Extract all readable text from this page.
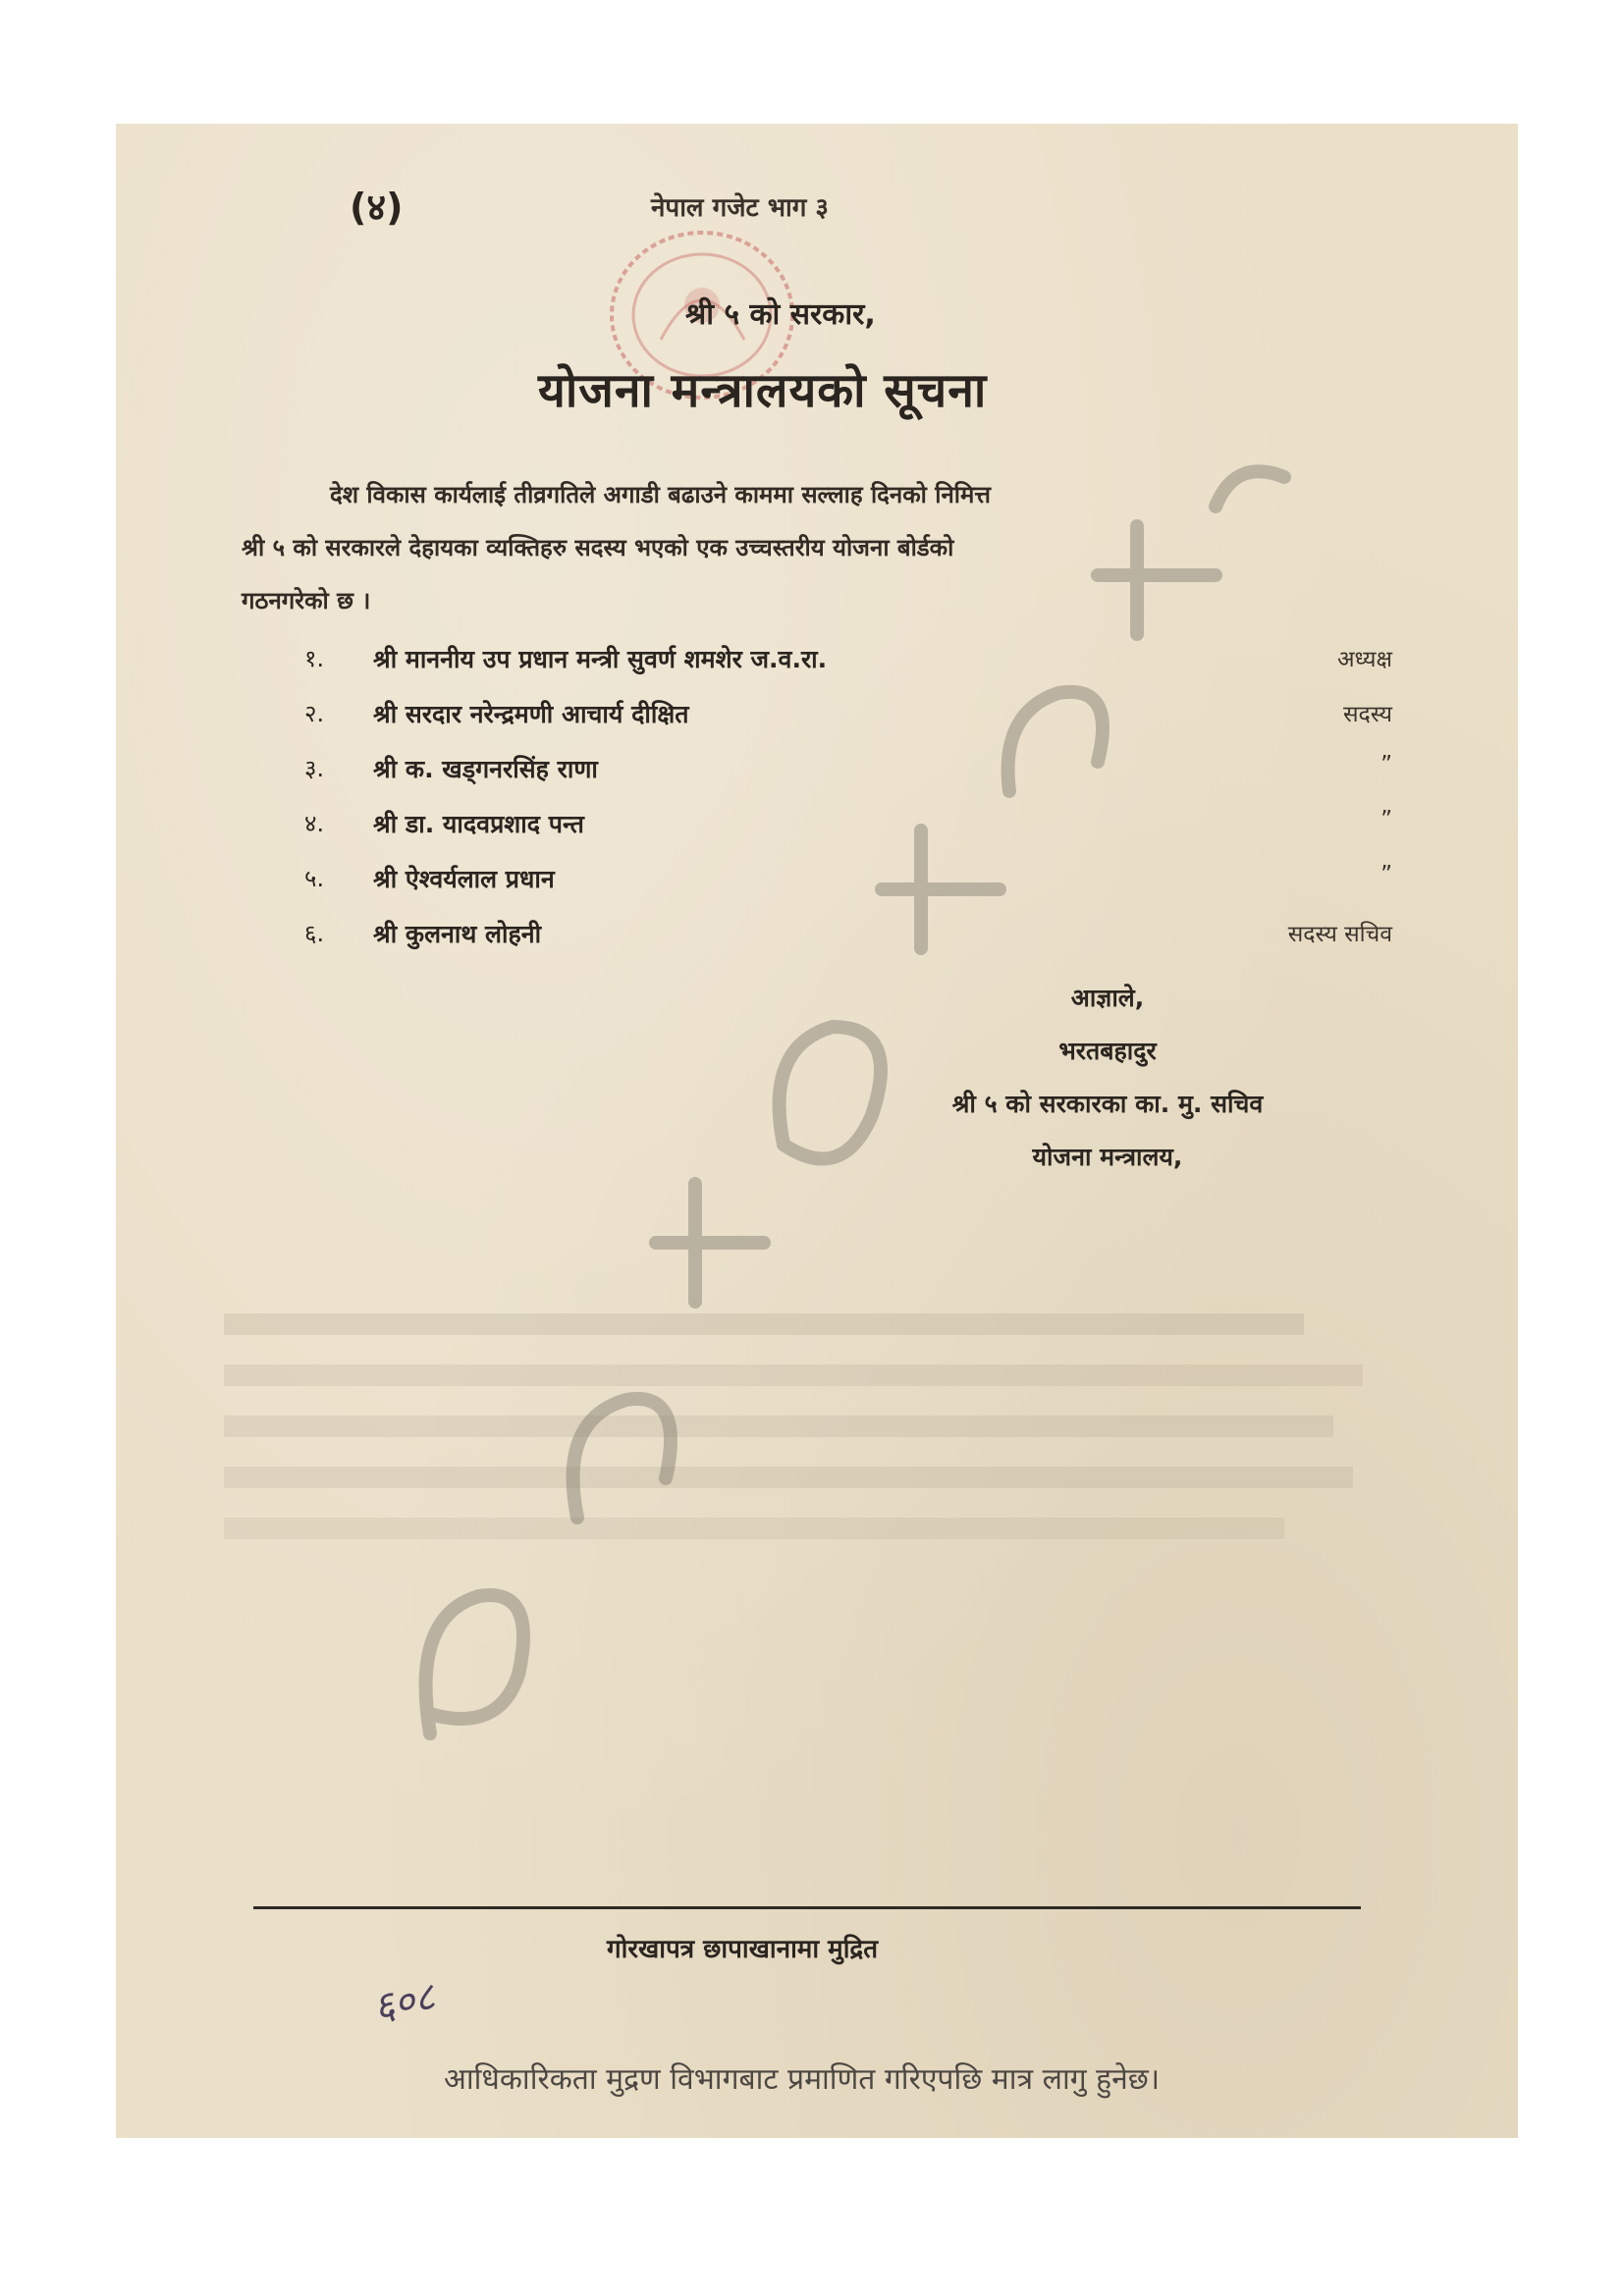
(४)	नेपाल गजेट भाग ३
श्री ५ को सरकार,
योजना मन्त्रालयको सूचना
देश विकास कार्यलाई तीव्रगतिले अगाडी बढाउने काममा सल्लाह दिनको निमित्त
श्री ५ को सरकारले देहायका व्यक्तिहरु सदस्य भएको एक उच्चस्तरीय योजना बोर्डको
गठनगरेको छ ।
१. श्री माननीय उप प्रधान मन्त्री सुवर्ण शमशेर ज.व.रा.	अध्यक्ष
२. श्री सरदार नरेन्द्रमणी आचार्य दीक्षित	सदस्य
३. श्री क. खड्गनरसिंह राणा	”
४. श्री डा. यादवप्रशाद पन्त	”
५. श्री ऐश्वर्यलाल प्रधान	”
६. श्री कुलनाथ लोहनी	सदस्य सचिव
आज्ञाले,
भरतबहादुर
श्री ५ को सरकारका का. मु. सचिव
योजना मन्त्रालय,
गोरखापत्र छापाखानामा मुद्रित
६०८
आधिकारिकता मुद्रण विभागबाट प्रमाणित गरिएपछि मात्र लागु हुनेछ।
